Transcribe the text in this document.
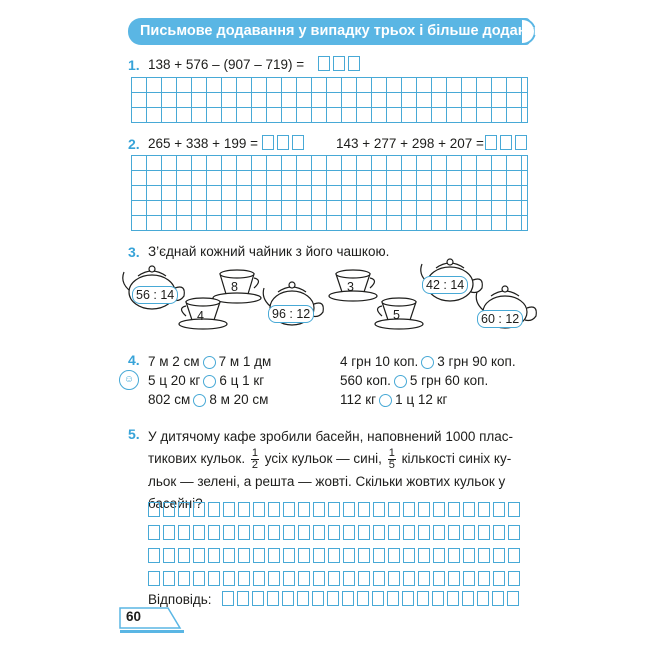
Письмове додавання у випадку трьох і більше доданків
1. 138 + 576 – (907 – 719) =
2. 265 + 338 + 199 =	143 + 277 + 298 + 207 =
3. З’єднай кожний чайник з його чашкою.
56 : 14
8
4	96 : 12
3	42 : 14
5	60 : 12
4.
☺
7 м 2 см 7 м 1 дм
5 ц 20 кг 6 ц 1 кг
802 см 8 м 20 см
4 грн 10 коп. 3 грн 90 коп.
560 коп. 5 грн 60 коп.
112 кг 1 ц 12 кг
5. У дитячому кафе зробили басейн, наповнений 1000 плас-
тикових кульок. $\frac{1}{2}$ усіх кульок — сині, $\frac{1}{5}$ кількості синіх ку-
льок — зелені, а решта — жовті. Скільки жовтих кульок у
басейні?
Відповідь:
60
